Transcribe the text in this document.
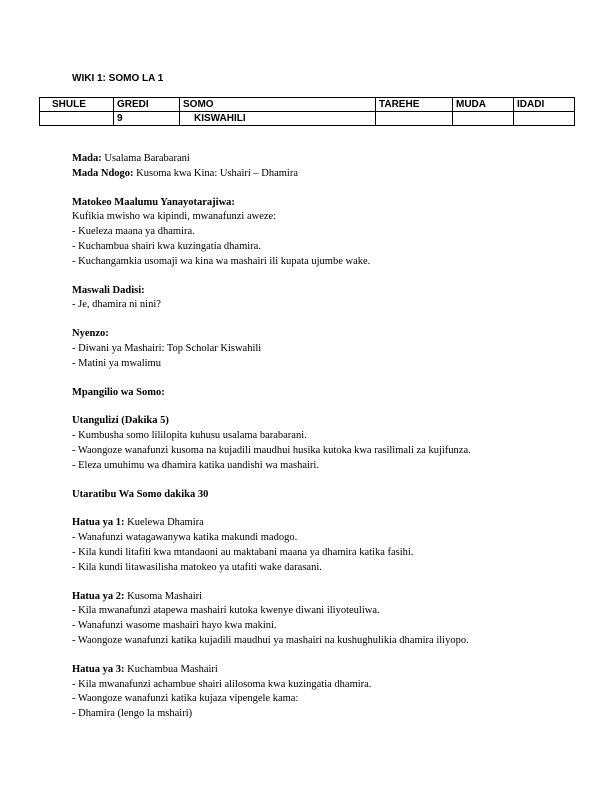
WIKI 1: SOMO LA 1
SHULE	GREDI	SOMO	TAREHE	MUDA	IDADI
	9	KISWAHILI			
Mada: Usalama Barabarani
Mada Ndogo: Kusoma kwa Kina: Ushairi – Dhamira
Matokeo Maalumu Yanayotarajiwa:
Kufikia mwisho wa kipindi, mwanafunzi aweze:
- Kueleza maana ya dhamira.
- Kuchambua shairi kwa kuzingatia dhamira.
- Kuchangamkia usomaji wa kina wa mashairi ili kupata ujumbe wake.
Maswali Dadisi:
- Je, dhamira ni nini?
Nyenzo:
- Diwani ya Mashairi: Top Scholar Kiswahili
- Matini ya mwalimu
Mpangilio wa Somo:
Utangulizi (Dakika 5)
- Kumbusha somo lililopita kuhusu usalama barabarani.
- Waongoze wanafunzi kusoma na kujadili maudhui husika kutoka kwa rasilimali za kujifunza.
- Eleza umuhimu wa dhamira katika uandishi wa mashairi.
Utaratibu Wa Somo dakika 30
Hatua ya 1: Kuelewa Dhamira
- Wanafunzi watagawanywa katika makundi madogo.
- Kila kundi litafiti kwa mtandaoni au maktabani maana ya dhamira katika fasihi.
- Kila kundi litawasilisha matokeo ya utafiti wake darasani.
Hatua ya 2: Kusoma Mashairi
- Kila mwanafunzi atapewa mashairi kutoka kwenye diwani iliyoteuliwa.
- Wanafunzi wasome mashairi hayo kwa makini.
- Waongoze wanafunzi katika kujadili maudhui ya mashairi na kushughulikia dhamira iliyopo.
Hatua ya 3: Kuchambua Mashairi
- Kila mwanafunzi achambue shairi alilosoma kwa kuzingatia dhamira.
- Waongoze wanafunzi katika kujaza vipengele kama:
- Dhamira (lengo la mshairi)
